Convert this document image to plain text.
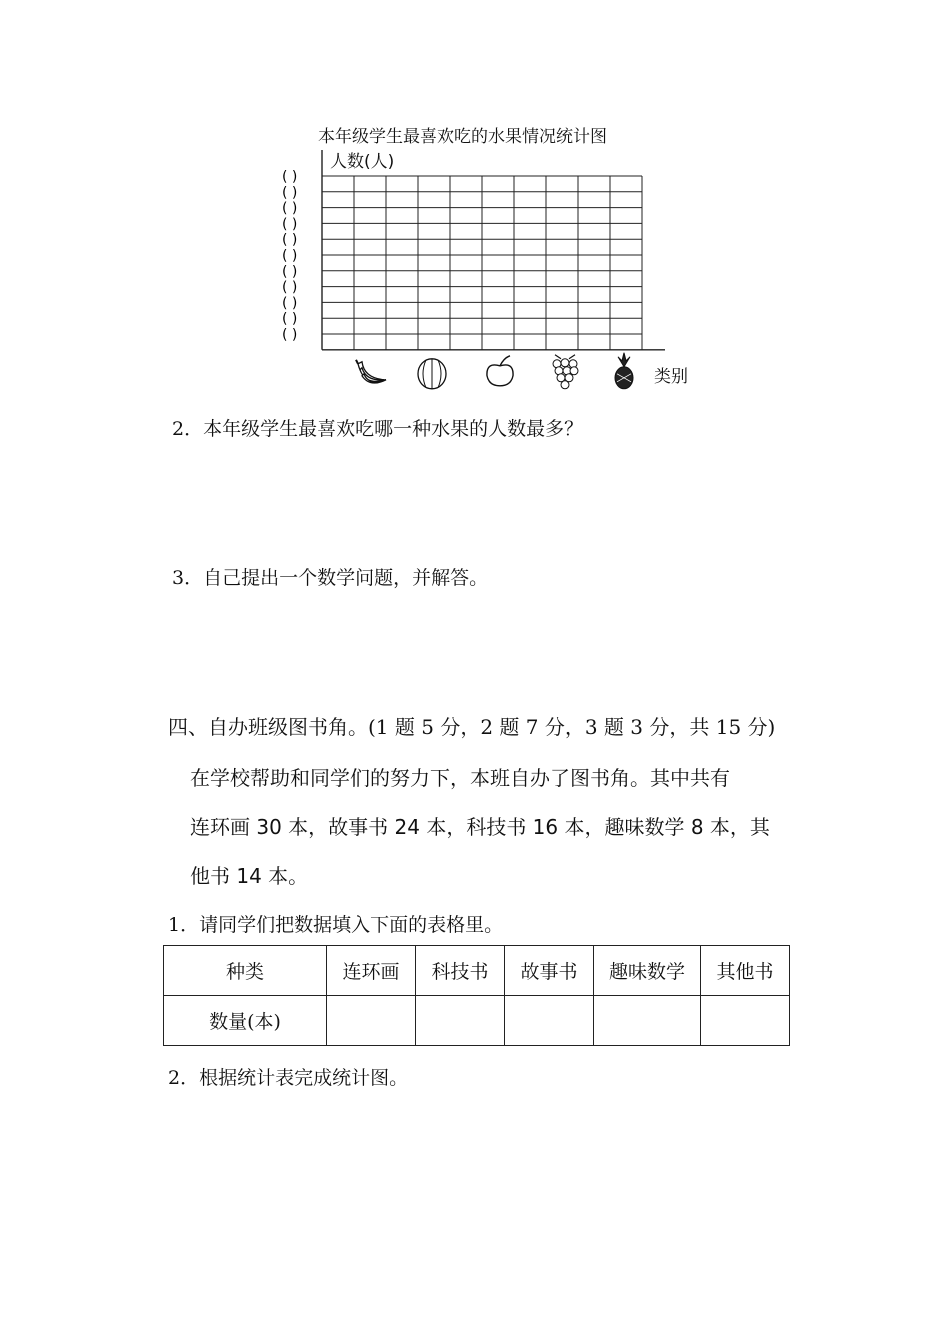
本年级学生最喜欢吃的水果情况统计图
人数(人)
类别
( )
( )
( )
( )
( )
( )
( )
( )
( )
( )
( )
2．本年级学生最喜欢吃哪一种水果的人数最多？
3．自己提出一个数学问题，并解答。
四、自办班级图书角。(1 题 5 分，2 题 7 分，3 题 3 分，共 15 分)
在学校帮助和同学们的努力下，本班自办了图书角。其中共有
连环画 30 本，故事书 24 本，科技书 16 本，趣味数学 8 本，其
他书 14 本。
1．请同学们把数据填入下面的表格里。
种类	连环画	科技书	故事书	趣味数学	其他书
数量(本)					
2．根据统计表完成统计图。
